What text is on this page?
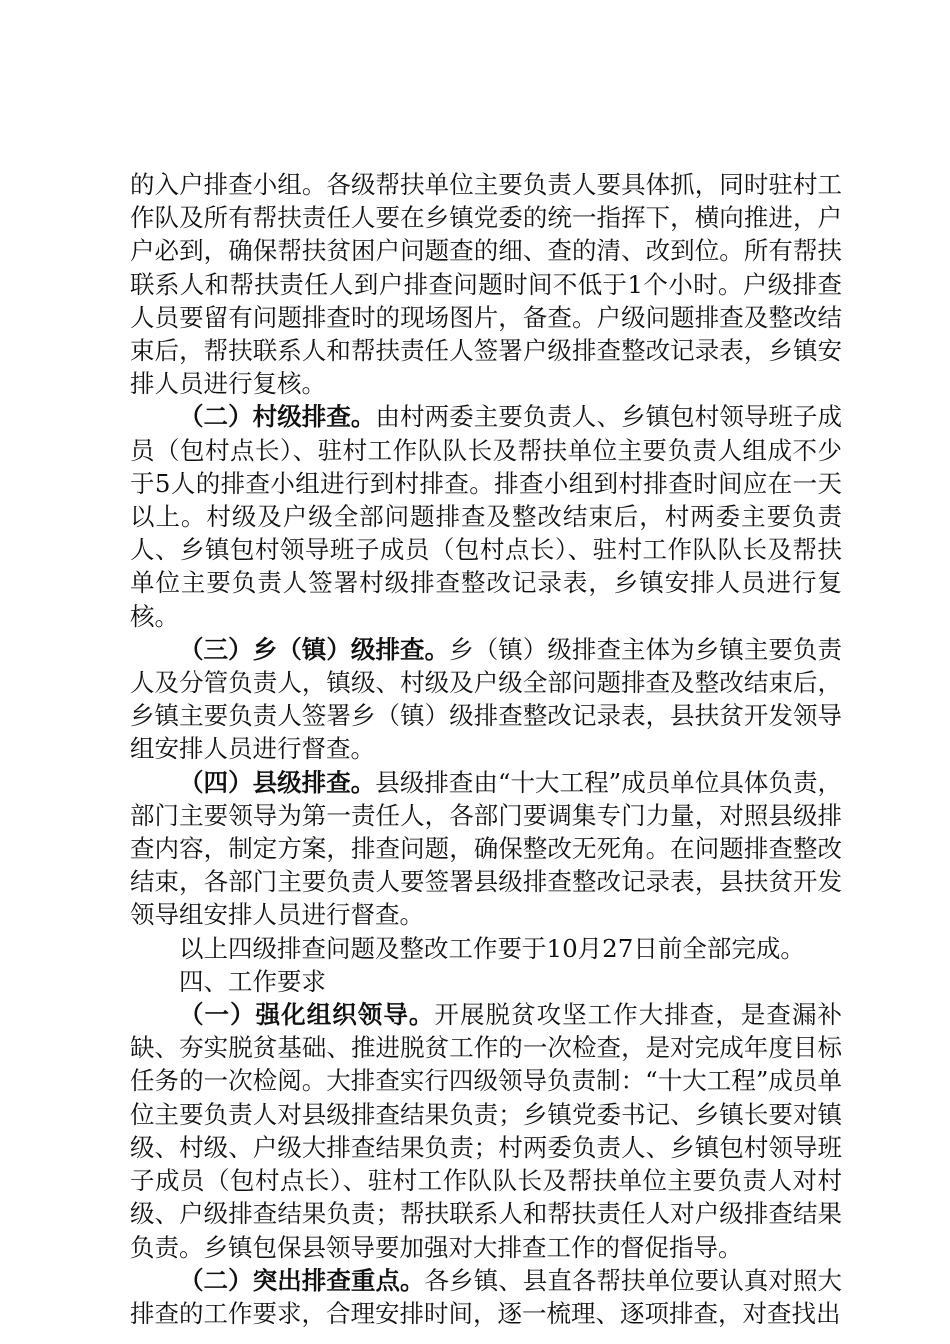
的入户排查小组。各级帮扶单位主要负责人要具体抓，同时驻村工作队及所有帮扶责任人要在乡镇党委的统一指挥下，横向推进，户户必到，确保帮扶贫困户问题查的细、查的清、改到位。所有帮扶联系人和帮扶责任人到户排查问题时间不低于1个小时。户级排查人员要留有问题排查时的现场图片，备查。户级问题排查及整改结束后，帮扶联系人和帮扶责任人签署户级排查整改记录表，乡镇安排人员进行复核。

（二）村级排查。由村两委主要负责人、乡镇包村领导班子成员（包村点长）、驻村工作队队长及帮扶单位主要负责人组成不少于5人的排查小组进行到村排查。排查小组到村排查时间应在一天以上。村级及户级全部问题排查及整改结束后，村两委主要负责人、乡镇包村领导班子成员（包村点长）、驻村工作队队长及帮扶单位主要负责人签署村级排查整改记录表，乡镇安排人员进行复核。

（三）乡（镇）级排查。乡（镇）级排查主体为乡镇主要负责人及分管负责人，镇级、村级及户级全部问题排查及整改结束后，乡镇主要负责人签署乡（镇）级排查整改记录表，县扶贫开发领导组安排人员进行督查。

（四）县级排查。县级排查由“十大工程”成员单位具体负责，部门主要领导为第一责任人，各部门要调集专门力量，对照县级排查内容，制定方案，排查问题，确保整改无死角。在问题排查整改结束，各部门主要负责人要签署县级排查整改记录表，县扶贫开发领导组安排人员进行督查。

以上四级排查问题及整改工作要于10月27日前全部完成。

四、工作要求

（一）强化组织领导。开展脱贫攻坚工作大排查，是查漏补缺、夯实脱贫基础、推进脱贫工作的一次检查，是对完成年度目标任务的一次检阅。大排查实行四级领导负责制：“十大工程”成员单位主要负责人对县级排查结果负责；乡镇党委书记、乡镇长要对镇级、村级、户级大排查结果负责；村两委负责人、乡镇包村领导班子成员（包村点长）、驻村工作队队长及帮扶单位主要负责人对村级、户级排查结果负责；帮扶联系人和帮扶责任人对户级排查结果负责。乡镇包保县领导要加强对大排查工作的督促指导。

（二）突出排查重点。各乡镇、县直各帮扶单位要认真对照大排查的工作要求，合理安排时间，逐一梳理、逐项排查，对查找出
